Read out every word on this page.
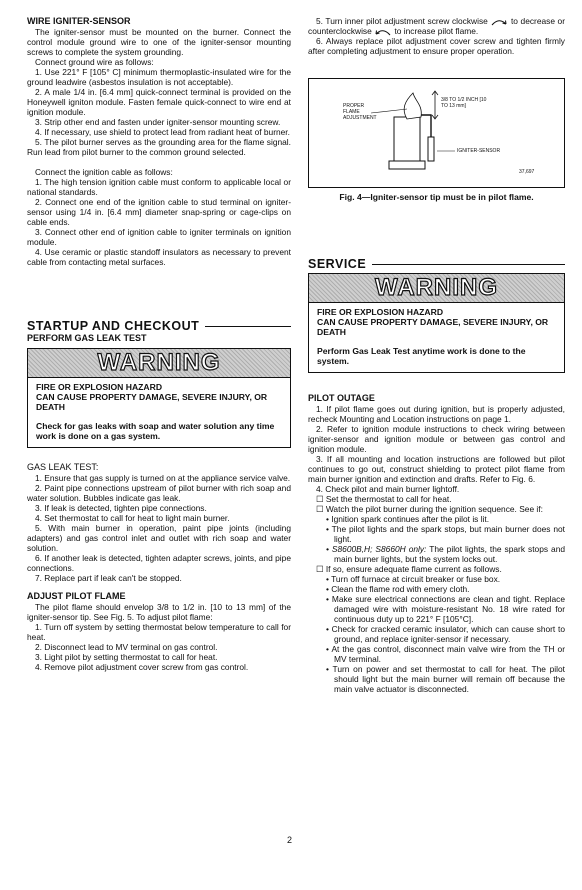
WIRE IGNITER-SENSOR

The igniter-sensor must be mounted on the burner. Connect the control module ground wire to one of the igniter-sensor mounting screws to complete the system grounding.

Connect ground wire as follows:

1. Use 221° F [105° C] minimum thermoplastic-insulated wire for the ground leadwire (asbestos insulation is not acceptable).

2. A male 1/4 in. [6.4 mm] quick-connect terminal is provided on the Honeywell igniton module. Fasten female quick-connect to wire end at ignition module.

3. Strip other end and fasten under igniter-sensor mounting screw.

4. If necessary, use shield to protect lead from radiant heat of burner.

5. The pilot burner serves as the grounding area for the flame signal. Run lead from pilot burner to the common ground selected.

Connect the ignition cable as follows:

1. The high tension ignition cable must conform to applicable local or national standards.

2. Connect one end of the ignition cable to stud terminal on igniter-sensor using 1/4 in. [6.4 mm] diameter snap-spring or cage-clips on cable ends.

3. Connect other end of ignition cable to igniter terminals on ignition module.

4. Use ceramic or plastic standoff insulators as necessary to prevent cable from contacting metal surfaces.

STARTUP AND CHECKOUT
PERFORM GAS LEAK TEST
WARNING
FIRE OR EXPLOSION HAZARD
CAN CAUSE PROPERTY DAMAGE, SEVERE INJURY, OR DEATH
Check for gas leaks with soap and water solution any time work is done on a gas system.
GAS LEAK TEST:

1. Ensure that gas supply is turned on at the appliance service valve.

2. Paint pipe connections upstream of pilot burner with rich soap and water solution. Bubbles indicate gas leak.

3. If leak is detected, tighten pipe connections.

4. Set thermostat to call for heat to light main burner.

5. With main burner in operation, paint pipe joints (including adapters) and gas control inlet and outlet with rich soap and water solution.

6. If another leak is detected, tighten adapter screws, joints, and pipe connections.

7. Replace part if leak can't be stopped.

ADJUST PILOT FLAME

The pilot flame should envelop 3/8 to 1/2 in. [10 to 13 mm] of the igniter-sensor tip. See Fig. 5. To adjust pilot flame:

1. Turn off system by setting thermostat below temperature to call for heat.

2. Disconnect lead to MV terminal on gas control.

3. Light pilot by setting thermostat to call for heat.

4. Remove pilot adjustment cover screw from gas control.

5. Turn inner pilot adjustment screw clockwise	to decrease or counterclockwise	to increase pilot flame.

6. Always replace pilot adjustment cover screw and tighten firmly after completing adjustment to ensure proper operation.

PROPER FLAME ADJUSTMENT
3/8 TO 1/2 INCH [10 TO 13 mm]
IGNITER-SENSOR
37,697
Fig. 4—Igniter-sensor tip must be in pilot flame.
SERVICE
WARNING
FIRE OR EXPLOSION HAZARD
CAN CAUSE PROPERTY DAMAGE, SEVERE INJURY, OR DEATH
Perform Gas Leak Test anytime work is done to the system.
PILOT OUTAGE

1. If pilot flame goes out during ignition, but is properly adjusted, recheck Mounting and Location instructions on page 1.

2. Refer to ignition module instructions to check wiring between igniter-sensor and ignition module or between gas control and ignition module.

3. If all mounting and location instructions are followed but pilot continues to go out, construct shielding to protect pilot flame from main burner ignition and extinction and drafts. Refer to Fig. 6.

4. Check pilot and main burner lightoff.

☐ Set the thermostat to call for heat.

☐ Watch the pilot burner during the ignition sequence. See if:

• Ignition spark continues after the pilot is lit.

• The pilot lights and the spark stops, but main burner does not light.

• S8600B,H; S8660H only: The pilot lights, the spark stops and main burner lights, but the system locks out.

☐ If so, ensure adequate flame current as follows.

• Turn off furnace at circuit breaker or fuse box.

• Clean the flame rod with emery cloth.

• Make sure electrical connections are clean and tight. Replace damaged wire with moisture-resistant No. 18 wire rated for continuous duty up to 221° F [105°C].

• Check for cracked ceramic insulator, which can cause short to ground, and replace igniter-sensor if necessary.

• At the gas control, disconnect main valve wire from the TH or MV terminal.

• Turn on power and set thermostat to call for heat. The pilot should light but the main burner will remain off because the main valve actuator is disconnected.

2
